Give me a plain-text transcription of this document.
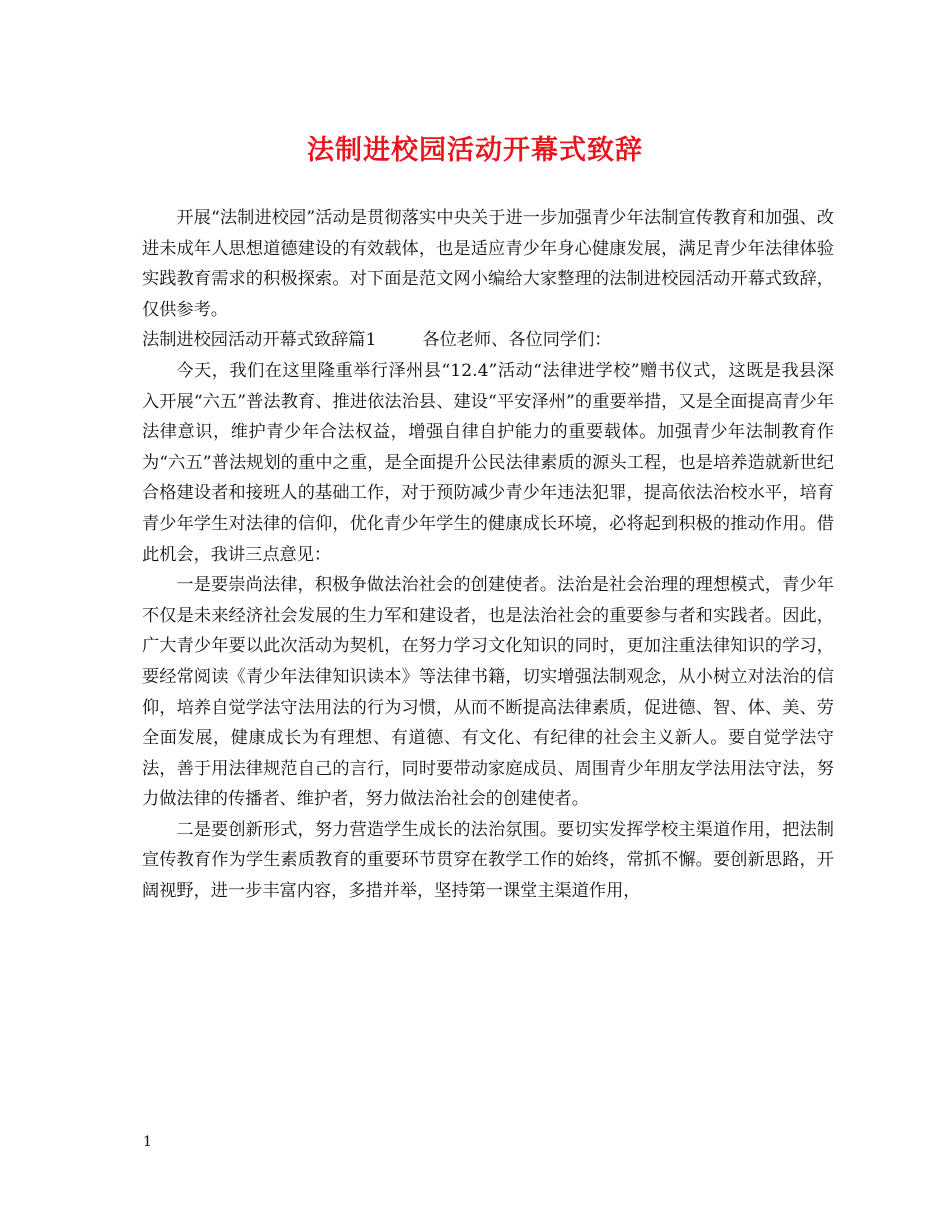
法制进校园活动开幕式致辞

开展“法制进校园”活动是贯彻落实中央关于进一步加强青少年法制宣传教育和加强、改进未成年人思想道德建设的有效载体，也是适应青少年身心健康发展，满足青少年法律体验实践教育需求的积极探索。对下面是范文网小编给大家整理的法制进校园活动开幕式致辞，仅供参考。

法制进校园活动开幕式致辞篇1	各位老师、各位同学们：

今天，我们在这里隆重举行泽州县“12.4”活动“法律进学校”赠书仪式，这既是我县深入开展“六五”普法教育、推进依法治县、建设“平安泽州”的重要举措，又是全面提高青少年法律意识，维护青少年合法权益，增强自律自护能力的重要载体。加强青少年法制教育作为“六五”普法规划的重中之重，是全面提升公民法律素质的源头工程，也是培养造就新世纪合格建设者和接班人的基础工作，对于预防减少青少年违法犯罪，提高依法治校水平，培育青少年学生对法律的信仰，优化青少年学生的健康成长环境，必将起到积极的推动作用。借此机会，我讲三点意见：

一是要崇尚法律，积极争做法治社会的创建使者。法治是社会治理的理想模式，青少年不仅是未来经济社会发展的生力军和建设者，也是法治社会的重要参与者和实践者。因此，广大青少年要以此次活动为契机，在努力学习文化知识的同时，更加注重法律知识的学习，要经常阅读《青少年法律知识读本》等法律书籍，切实增强法制观念，从小树立对法治的信仰，培养自觉学法守法用法的行为习惯，从而不断提高法律素质，促进德、智、体、美、劳全面发展，健康成长为有理想、有道德、有文化、有纪律的社会主义新人。要自觉学法守法，善于用法律规范自己的言行，同时要带动家庭成员、周围青少年朋友学法用法守法，努力做法律的传播者、维护者，努力做法治社会的创建使者。

二是要创新形式，努力营造学生成长的法治氛围。要切实发挥学校主渠道作用，把法制宣传教育作为学生素质教育的重要环节贯穿在教学工作的始终，常抓不懈。要创新思路，开阔视野，进一步丰富内容，多措并举，坚持第一课堂主渠道作用，

1
